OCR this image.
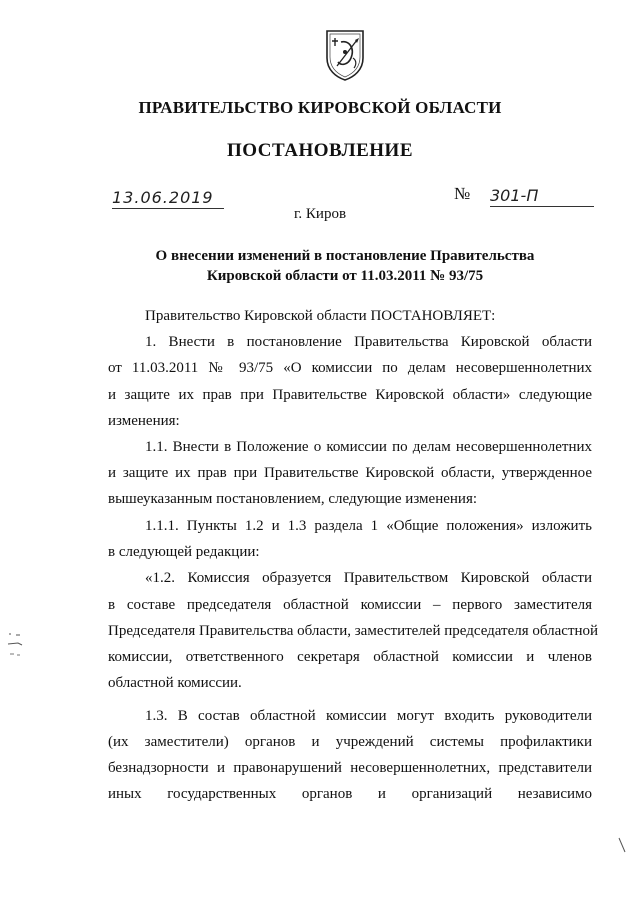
ПРАВИТЕЛЬСТВО КИРОВСКОЙ ОБЛАСТИ
ПОСТАНОВЛЕНИЕ
13.06.2019	№ 301-П
г. Киров
О внесении изменений в постановление Правительства
Кировской области от 11.03.2011 № 93/75
Правительство Кировской области ПОСТАНОВЛЯЕТ:
1. Внести в постановление Правительства Кировской области
от 11.03.2011 № 93/75 «О комиссии по делам несовершеннолетних
и защите их прав при Правительстве Кировской области» следующие
изменения:
1.1. Внести в Положение о комиссии по делам несовершеннолетних
и защите их прав при Правительстве Кировской области, утвержденное
вышеуказанным постановлением, следующие изменения:
1.1.1. Пункты 1.2 и 1.3 раздела 1 «Общие положения» изложить
в следующей редакции:
«1.2. Комиссия образуется Правительством Кировской области
в составе председателя областной комиссии – первого заместителя
Председателя Правительства области, заместителей председателя областной
комиссии, ответственного секретаря областной комиссии и членов
областной комиссии.
1.3. В состав областной комиссии могут входить руководители
(их заместители) органов и учреждений системы профилактики
безнадзорности и правонарушений несовершеннолетних, представители
иных государственных органов и организаций независимо
